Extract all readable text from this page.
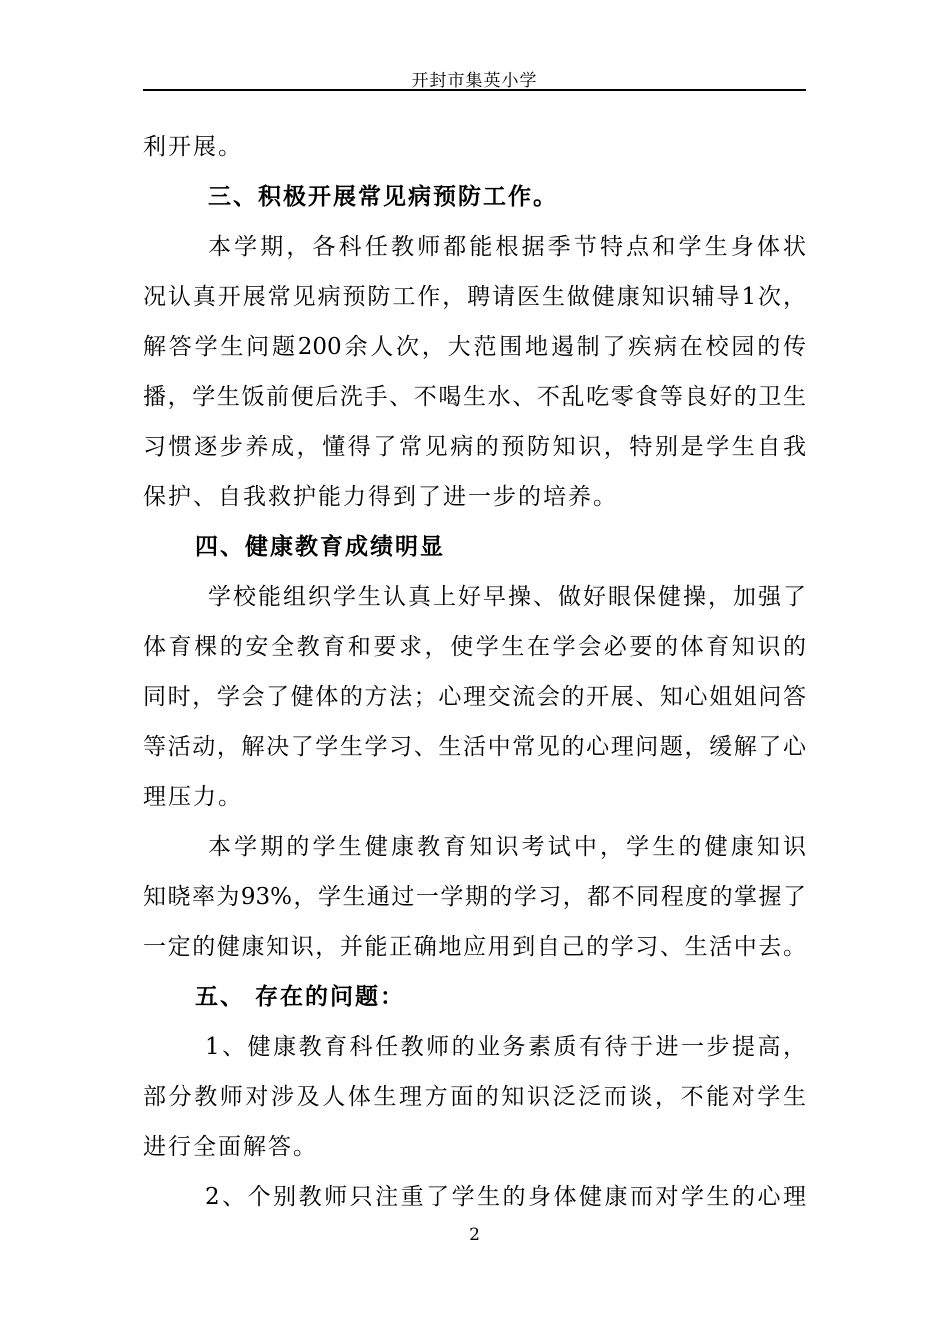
开封市集英小学
利开展。
三、积极开展常见病预防工作。
本学期，各科任教师都能根据季节特点和学生身体状
况认真开展常见病预防工作，聘请医生做健康知识辅导1次，
解答学生问题200余人次，大范围地遏制了疾病在校园的传
播，学生饭前便后洗手、不喝生水、不乱吃零食等良好的卫生
习惯逐步养成，懂得了常见病的预防知识，特别是学生自我
保护、自我救护能力得到了进一步的培养。
四、健康教育成绩明显
学校能组织学生认真上好早操、做好眼保健操，加强了
体育棵的安全教育和要求，使学生在学会必要的体育知识的
同时，学会了健体的方法；心理交流会的开展、知心姐姐问答
等活动，解决了学生学习、生活中常见的心理问题，缓解了心
理压力。
本学期的学生健康教育知识考试中，学生的健康知识
知晓率为93%，学生通过一学期的学习，都不同程度的掌握了
一定的健康知识，并能正确地应用到自己的学习、生活中去。
五、 存在的问题：
1、健康教育科任教师的业务素质有待于进一步提高，
部分教师对涉及人体生理方面的知识泛泛而谈，不能对学生
进行全面解答。
2、个别教师只注重了学生的身体健康而对学生的心理
2
